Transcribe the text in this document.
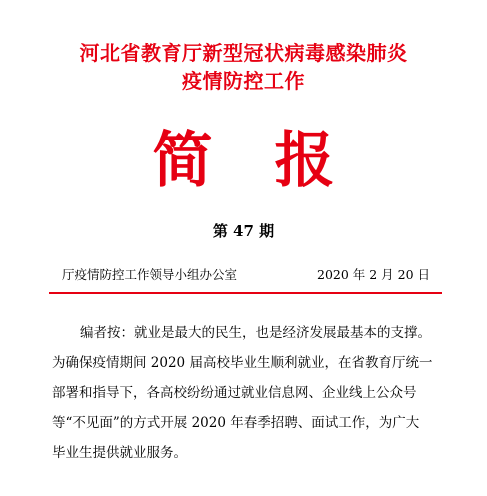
河北省教育厅新型冠状病毒感染肺炎
疫情防控工作
简 报
第 47 期
厅疫情防控工作领导小组办公室	2020 年 2 月 20 日
编者按：就业是最大的民生，也是经济发展最基本的支撑。
为确保疫情期间 2020 届高校毕业生顺利就业，在省教育厅统一
部署和指导下，各高校纷纷通过就业信息网、企业线上公众号
等“不见面”的方式开展 2020 年春季招聘、面试工作，为广大
毕业生提供就业服务。
